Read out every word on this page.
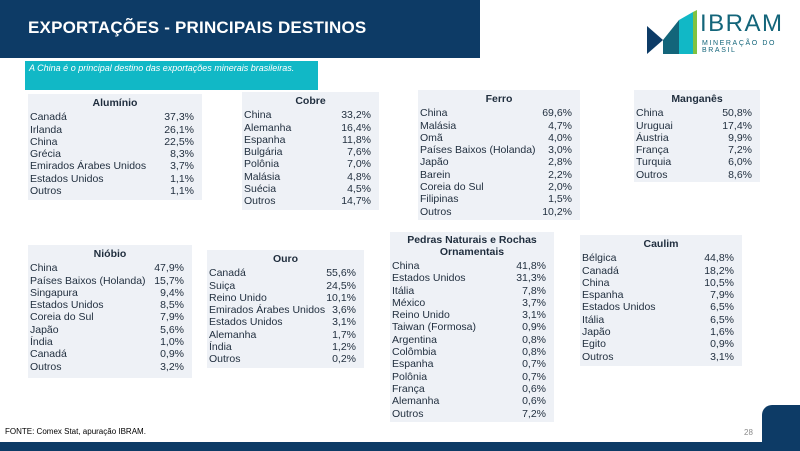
EXPORTAÇÕES - PRINCIPAIS DESTINOS	IBRAM
MINERAÇÃO DO BRASIL
A China é o principal destino das exportações minerais brasileiras.
Alumínio
Canadá	37,3%
Irlanda	26,1%
China	22,5%
Grécia	8,3%
Emirados Árabes Unidos 3,7%
Estados Unidos	1,1%
Outros	1,1%
Cobre
China	33,2%
Alemanha	16,4%
Espanha	11,8%
Bulgária	7,6%
Polônia	7,0%
Malásia	4,8%
Suécia	4,5%
Outros	14,7%
Ferro
China	69,6%
Malásia	4,7%
Omã	4,0%
Países Baixos (Holanda) 3,0%
Japão	2,8%
Barein	2,2%
Coreia do Sul	2,0%
Filipinas	1,5%
Outros	10,2%
Manganês
China	50,8%
Uruguai	17,4%
Áustria	9,9%
França	7,2%
Turquia	6,0%
Outros	8,6%
Nióbio
China	47,9%
Países Baixos (Holanda) 15,7%
Singapura	9,4%
Estados Unidos	8,5%
Coreia do Sul	7,9%
Japão	5,6%
Índia	1,0%
Canadá	0,9%
Outros	3,2%
Ouro
Canadá	55,6%
Suiça	24,5%
Reino Unido	10,1%
Emirados Árabes Unidos 3,6%
Estados Unidos	3,1%
Alemanha	1,7%
Índia	1,2%
Outros	0,2%
Pedras Naturais e Rochas
Ornamentais
China	41,8%
Estados Unidos	31,3%
Itália	7,8%
México	3,7%
Reino Unido	3,1%
Taiwan (Formosa)	0,9%
Argentina	0,8%
Colômbia	0,8%
Espanha	0,7%
Polônia	0,7%
França	0,6%
Alemanha	0,6%
Outros	7,2%
Caulim
Bélgica	44,8%
Canadá	18,2%
China	10,5%
Espanha	7,9%
Estados Unidos	6,5%
Itália	6,5%
Japão	1,6%
Egito	0,9%
Outros	3,1%
FONTE: Comex Stat, apuração IBRAM.	28
